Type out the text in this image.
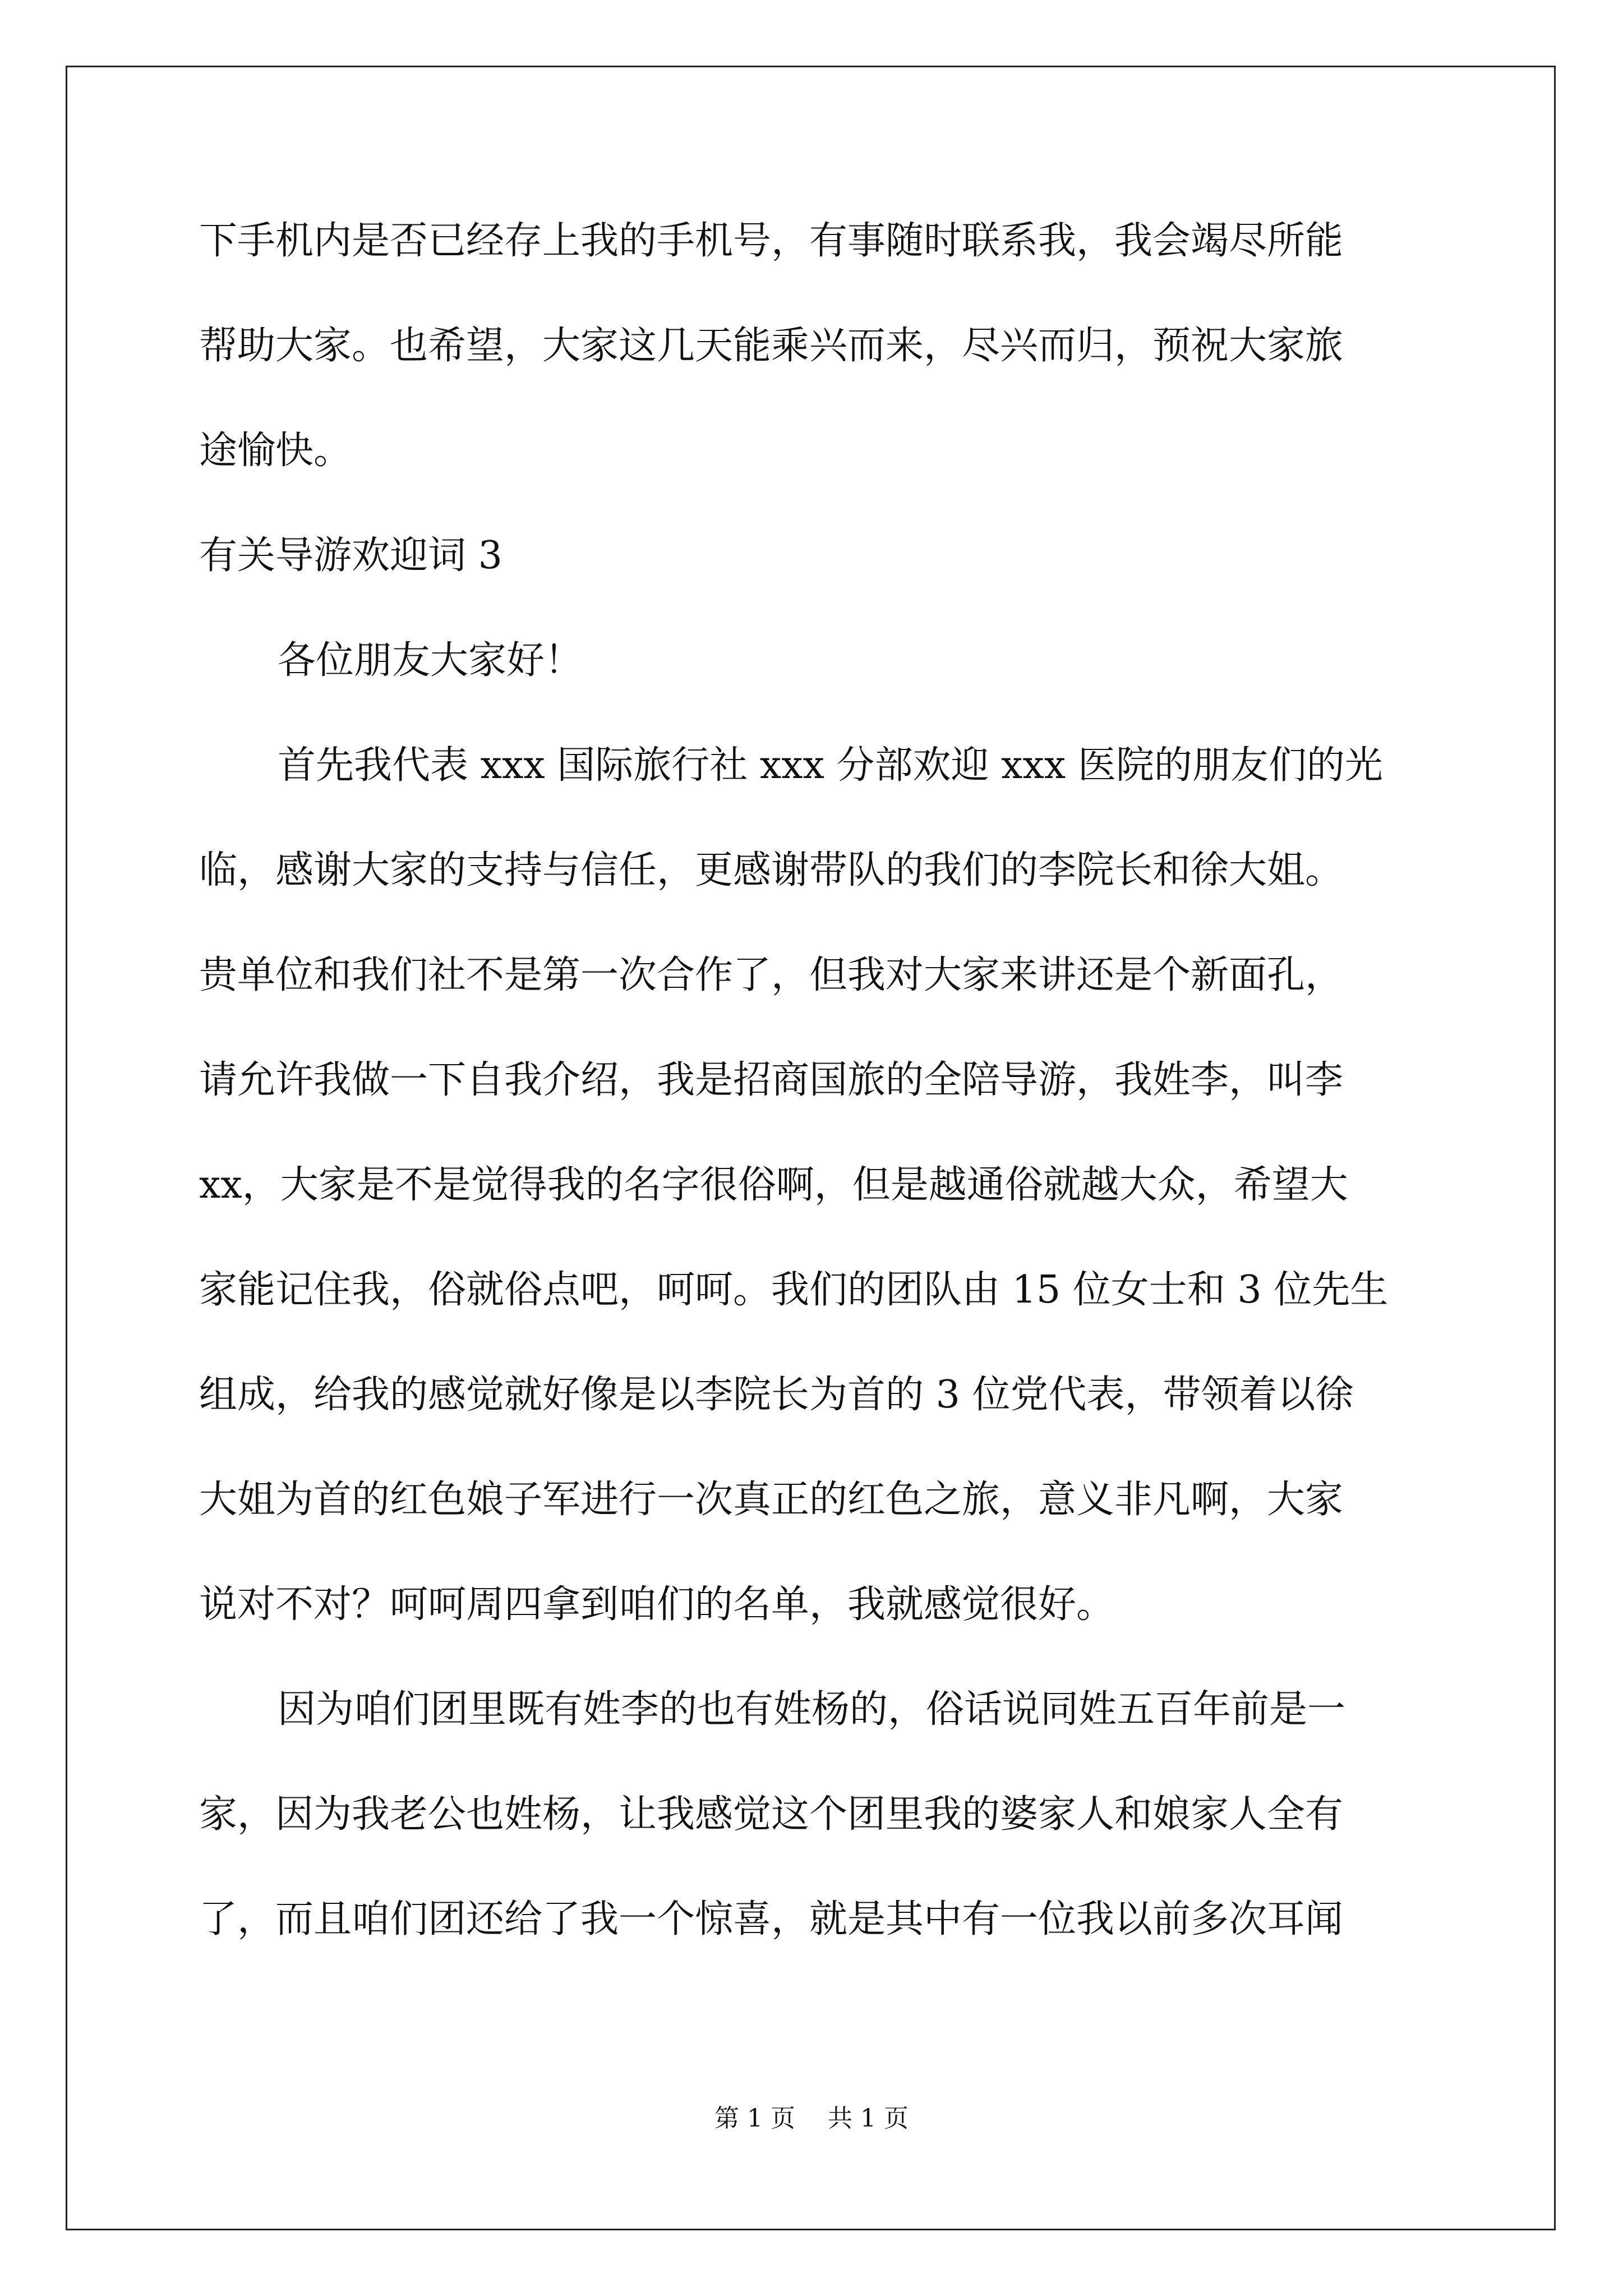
下手机内是否已经存上我的手机号，有事随时联系我，我会竭尽所能

帮助大家。也希望，大家这几天能乘兴而来，尽兴而归，预祝大家旅

途愉快。

有关导游欢迎词 3

各位朋友大家好！

首先我代表 xxx 国际旅行社 xxx 分部欢迎 xxx 医院的朋友们的光

临，感谢大家的支持与信任，更感谢带队的我们的李院长和徐大姐。

贵单位和我们社不是第一次合作了，但我对大家来讲还是个新面孔，

请允许我做一下自我介绍，我是招商国旅的全陪导游，我姓李，叫李

xx，大家是不是觉得我的名字很俗啊，但是越通俗就越大众，希望大

家能记住我，俗就俗点吧，呵呵。我们的团队由 15 位女士和 3 位先生

组成，给我的感觉就好像是以李院长为首的 3 位党代表，带领着以徐

大姐为首的红色娘子军进行一次真正的红色之旅，意义非凡啊，大家

说对不对？呵呵周四拿到咱们的名单，我就感觉很好。

因为咱们团里既有姓李的也有姓杨的，俗话说同姓五百年前是一

家，因为我老公也姓杨，让我感觉这个团里我的婆家人和娘家人全有

了，而且咱们团还给了我一个惊喜，就是其中有一位我以前多次耳闻

第 1 页　 共 1 页
